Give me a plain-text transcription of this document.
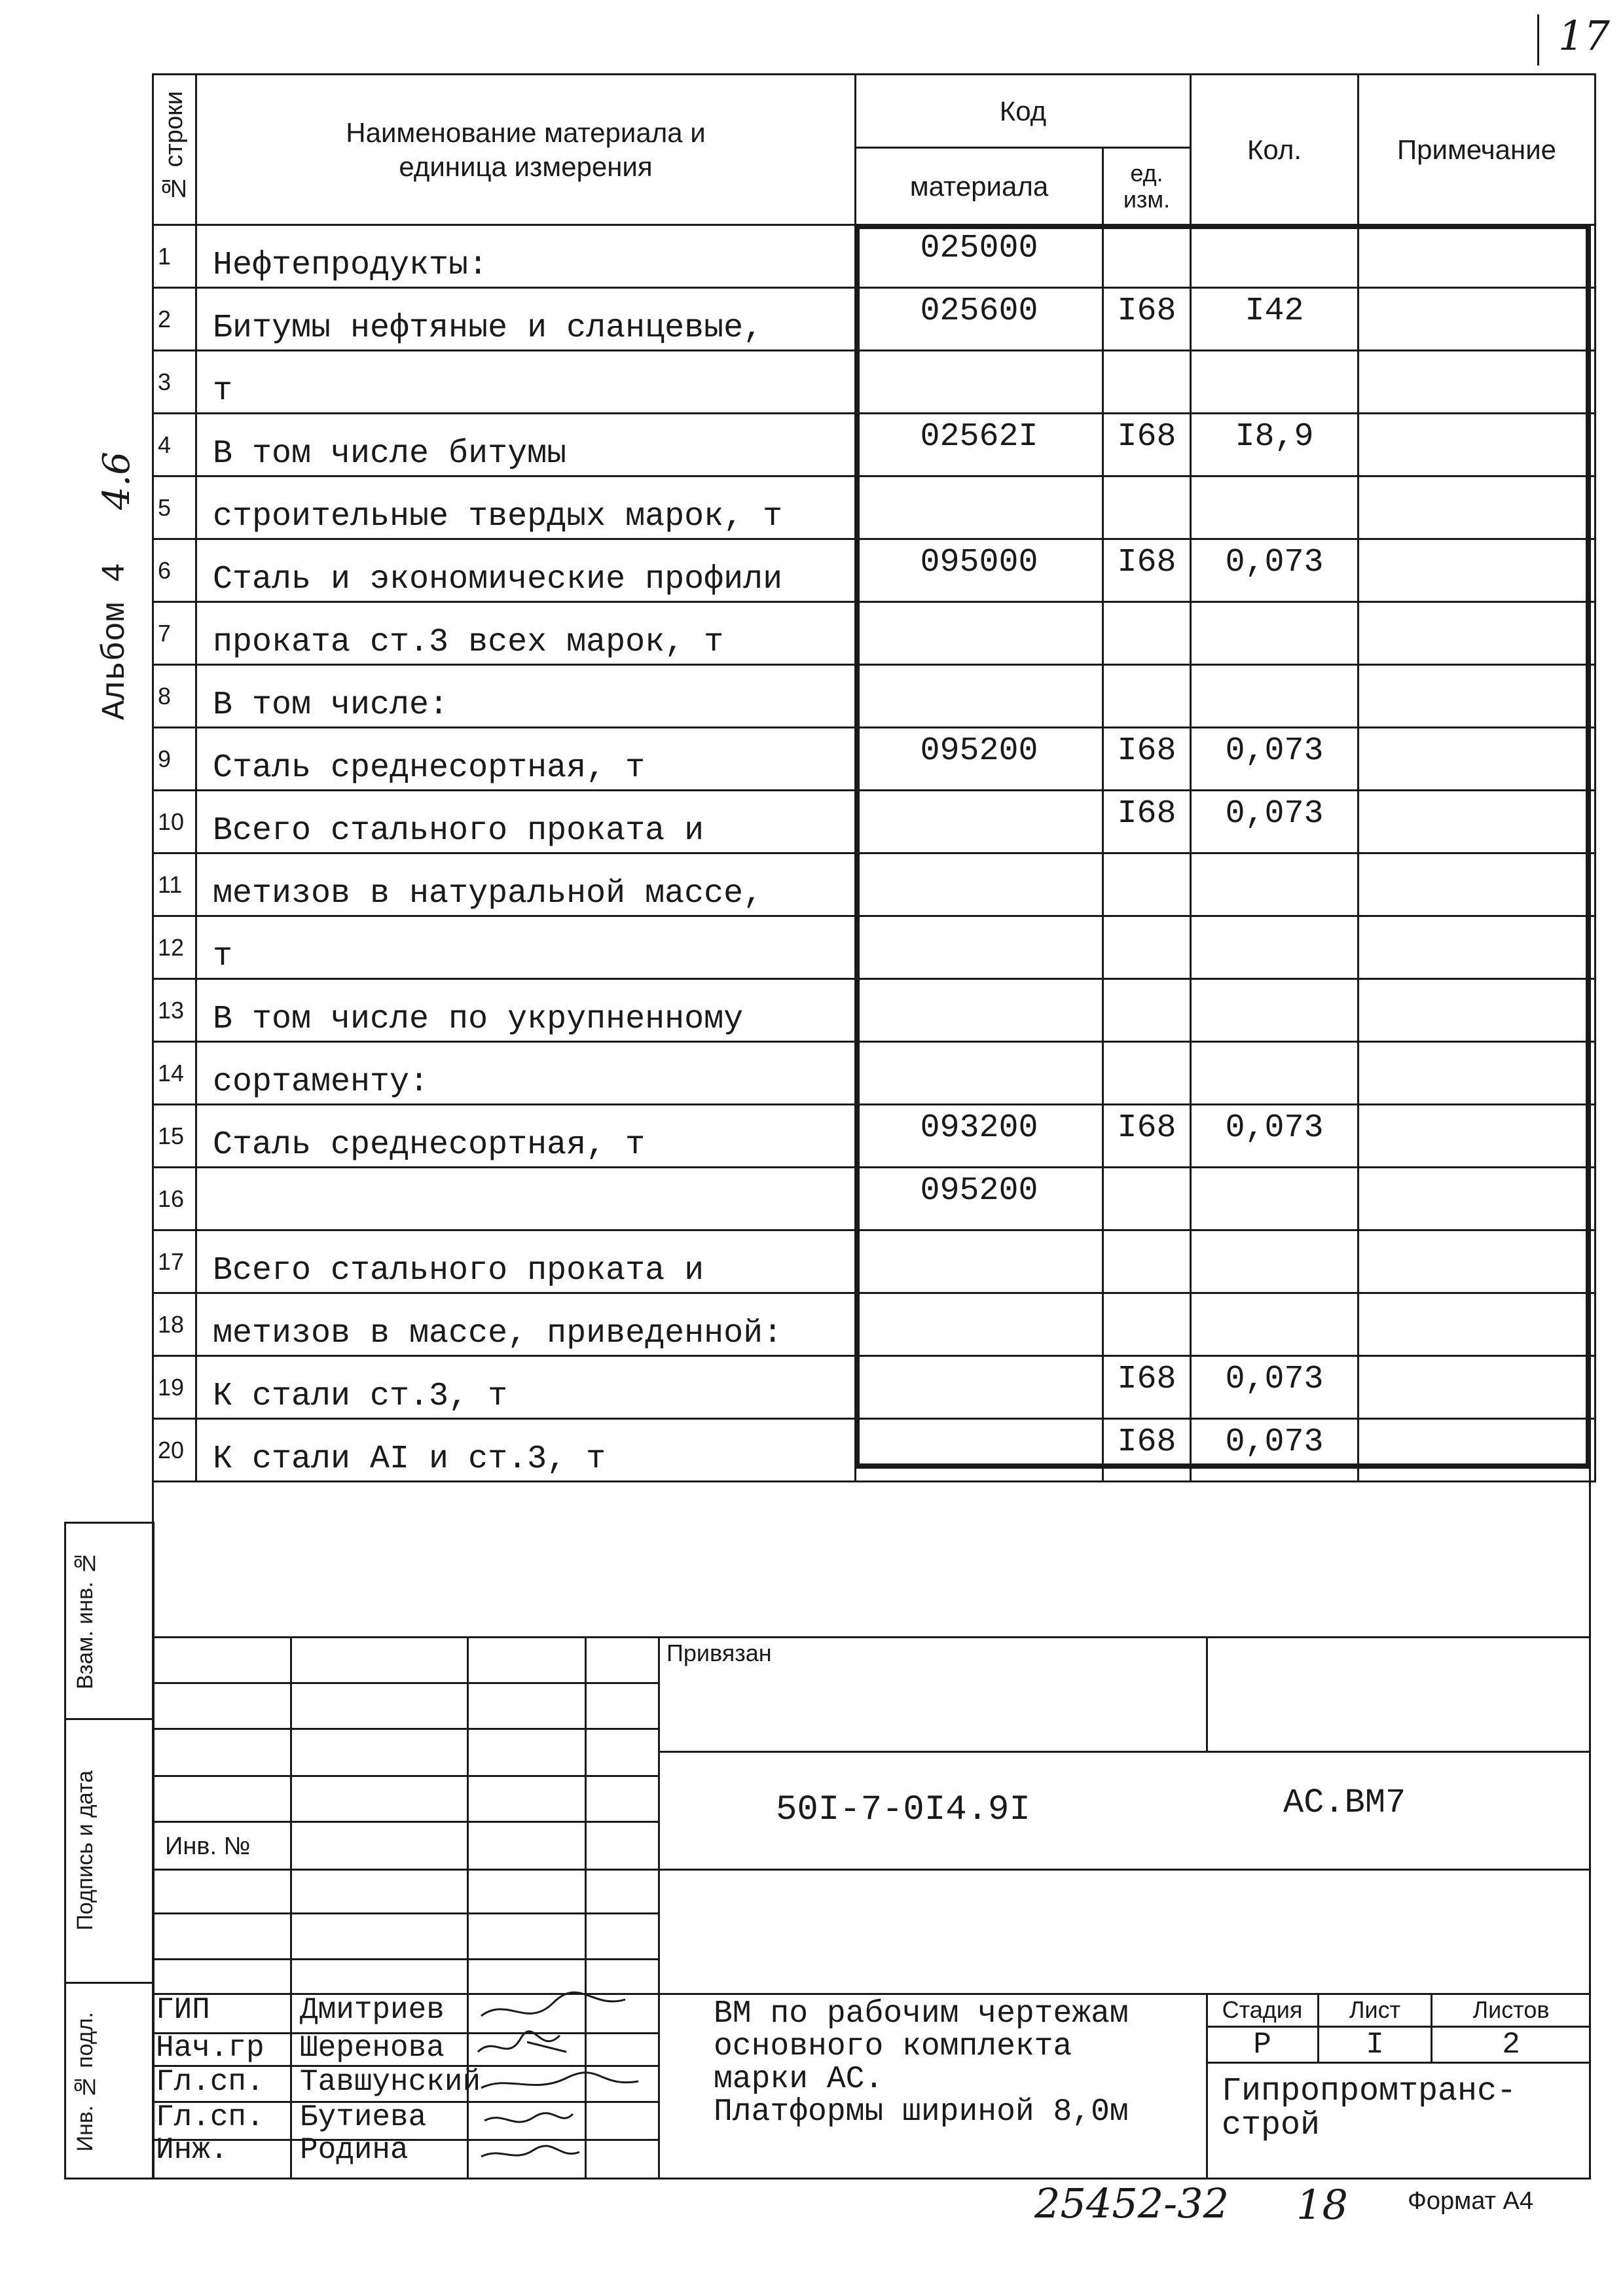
17
Альбом 4
4.6
№ строки	Наименование материала и единица измерения	Код		Кол.	Примечание
		материала	ед. изм.		

1	Нефтепродукты:	025000			
2	Битумы нефтяные и сланцевые,	025600	I68	I42	
3	т				
4	В том числе битумы	02562I	I68	I8,9	
5	строительные твердых марок, т				
6	Сталь и экономические профили	095000	I68	0,073	
7	проката ст.3 всех марок, т				
8	В том числе:				
9	Сталь среднесортная, т	095200	I68	0,073	
10	Всего стального проката и		I68	0,073	
11	метизов в натуральной массе,				
12	т				
13	В том числе по укрупненному				
14	сортаменту:				
15	Сталь среднесортная, т	093200	I68	0,073	
16		095200			
17	Всего стального проката и				
18	метизов в массе, приведенной:				
19	К стали ст.3, т		I68	0,073	
20	К стали АI и ст.3, т		I68	0,073	
Взам. инв. №
Подпись и дата
Инв. № подл.
Инв. №
Привязан
50I-7-0I4.9I	АС.ВМ7
ВМ по рабочим чертежам
основного комплекта
марки АС.
Платформы шириной 8,0м
Стадия	Лист	Листов
Р	I	2
Гипропромтранс-
строй
ГИП	Дмитриев
Нач.гр Шеренова
Гл.сп. Тавшунский
Гл.сп. Бутиева
Инж. Родина
25452-32 18 Формат А4
